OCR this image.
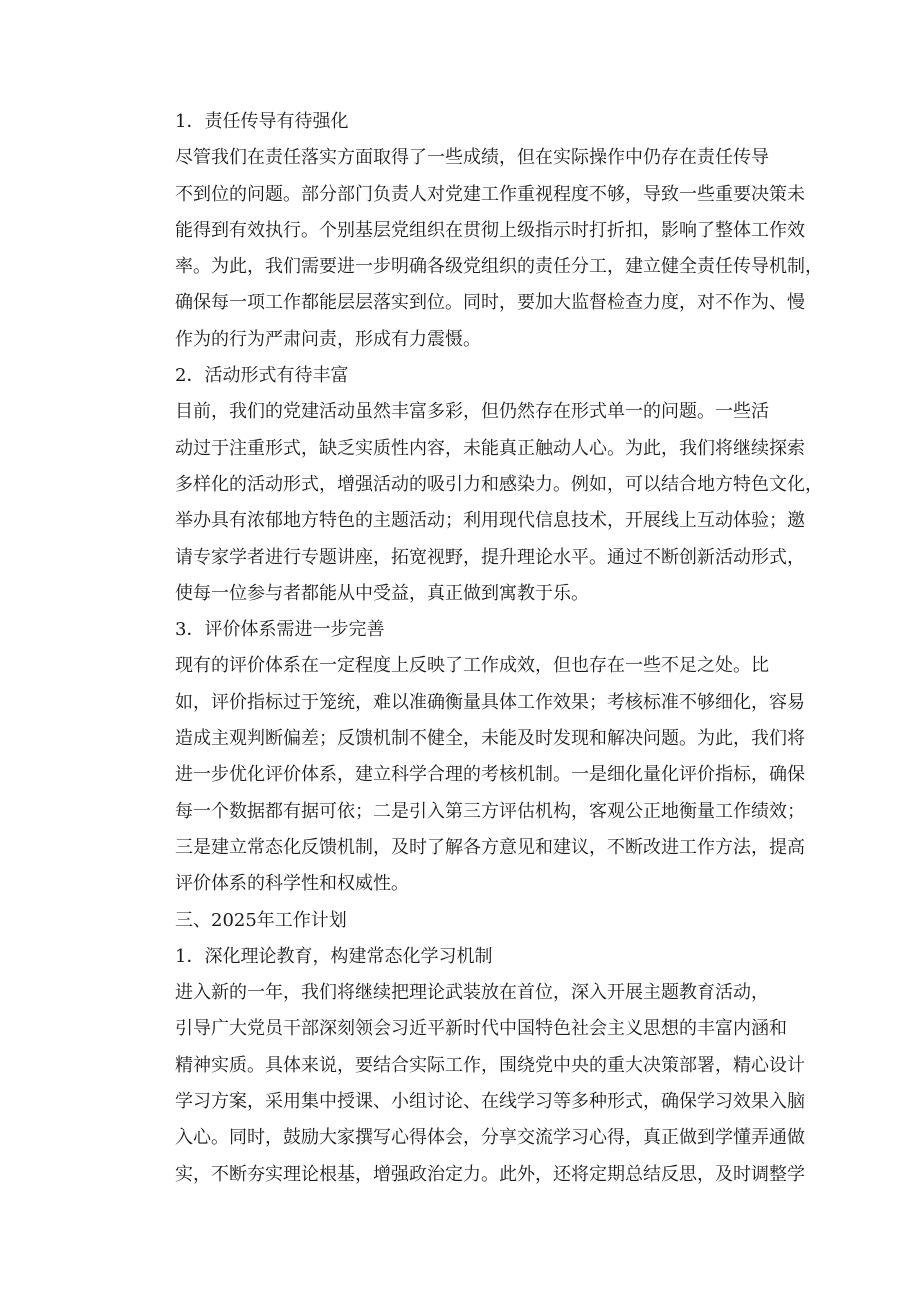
1．责任传导有待强化
尽管我们在责任落实方面取得了一些成绩，但在实际操作中仍存在责任传导
不到位的问题。部分部门负责人对党建工作重视程度不够，导致一些重要决策未
能得到有效执行。个别基层党组织在贯彻上级指示时打折扣，影响了整体工作效
率。为此，我们需要进一步明确各级党组织的责任分工，建立健全责任传导机制，
确保每一项工作都能层层落实到位。同时，要加大监督检查力度，对不作为、慢
作为的行为严肃问责，形成有力震慑。
2．活动形式有待丰富
目前，我们的党建活动虽然丰富多彩，但仍然存在形式单一的问题。一些活
动过于注重形式，缺乏实质性内容，未能真正触动人心。为此，我们将继续探索
多样化的活动形式，增强活动的吸引力和感染力。例如，可以结合地方特色文化，
举办具有浓郁地方特色的主题活动；利用现代信息技术，开展线上互动体验；邀
请专家学者进行专题讲座，拓宽视野，提升理论水平。通过不断创新活动形式，
使每一位参与者都能从中受益，真正做到寓教于乐。
3．评价体系需进一步完善
现有的评价体系在一定程度上反映了工作成效，但也存在一些不足之处。比
如，评价指标过于笼统，难以准确衡量具体工作效果；考核标准不够细化，容易
造成主观判断偏差；反馈机制不健全，未能及时发现和解决问题。为此，我们将
进一步优化评价体系，建立科学合理的考核机制。一是细化量化评价指标，确保
每一个数据都有据可依；二是引入第三方评估机构，客观公正地衡量工作绩效；
三是建立常态化反馈机制，及时了解各方意见和建议，不断改进工作方法，提高
评价体系的科学性和权威性。
三、2025年工作计划
1．深化理论教育，构建常态化学习机制
进入新的一年，我们将继续把理论武装放在首位，深入开展主题教育活动，
引导广大党员干部深刻领会习近平新时代中国特色社会主义思想的丰富内涵和
精神实质。具体来说，要结合实际工作，围绕党中央的重大决策部署，精心设计
学习方案，采用集中授课、小组讨论、在线学习等多种形式，确保学习效果入脑
入心。同时，鼓励大家撰写心得体会，分享交流学习心得，真正做到学懂弄通做
实，不断夯实理论根基，增强政治定力。此外，还将定期总结反思，及时调整学
